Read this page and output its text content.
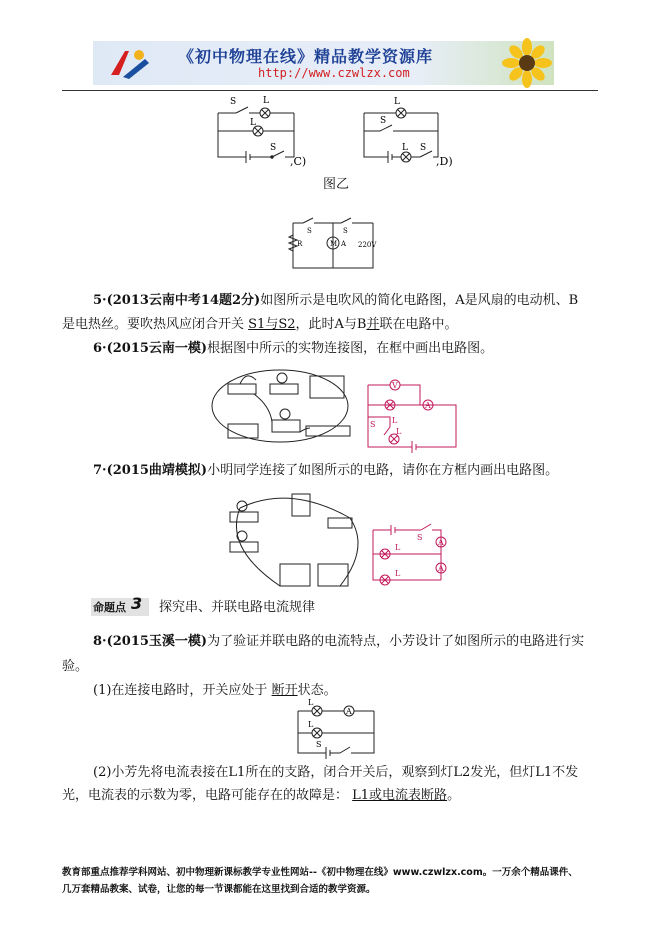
《初中物理在线》精品教学资源库
http://www.czwlzx.com
S	L
L
S
,C)
L
S
L S
,D)
图乙
S	S
R	M A 220V
5·(2013云南中考14题2分)如图所示是电吹风的简化电路图，A是风扇的电动机、B
是电热丝。要吹热风应闭合开关 S1与S2，此时A与B并联在电路中。
6·(2015云南一模)根据图中所示的实物连接图，在框中画出电路图。
V
A
S L
L
7·(2015曲靖模拟)小明同学连接了如图所示的电路，请你在方框内画出电路图。
S
L
L
A
A
命题点 3 探究串、并联电路电流规律
8·(2015玉溪一模)为了验证并联电路的电流特点，小芳设计了如图所示的电路进行实
验。
(1)在连接电路时，开关应处于 断开状态。
L
L
A
S
(2)小芳先将电流表接在L1所在的支路，闭合开关后，观察到灯L2发光，但灯L1不发
光，电流表的示数为零，电路可能存在的故障是： L1或电流表断路。
教育部重点推荐学科网站、初中物理新课标教学专业性网站--《初中物理在线》www.czwlzx.com。一万余个精品课件、
几万套精品教案、试卷，让您的每一节课都能在这里找到合适的教学资源。
